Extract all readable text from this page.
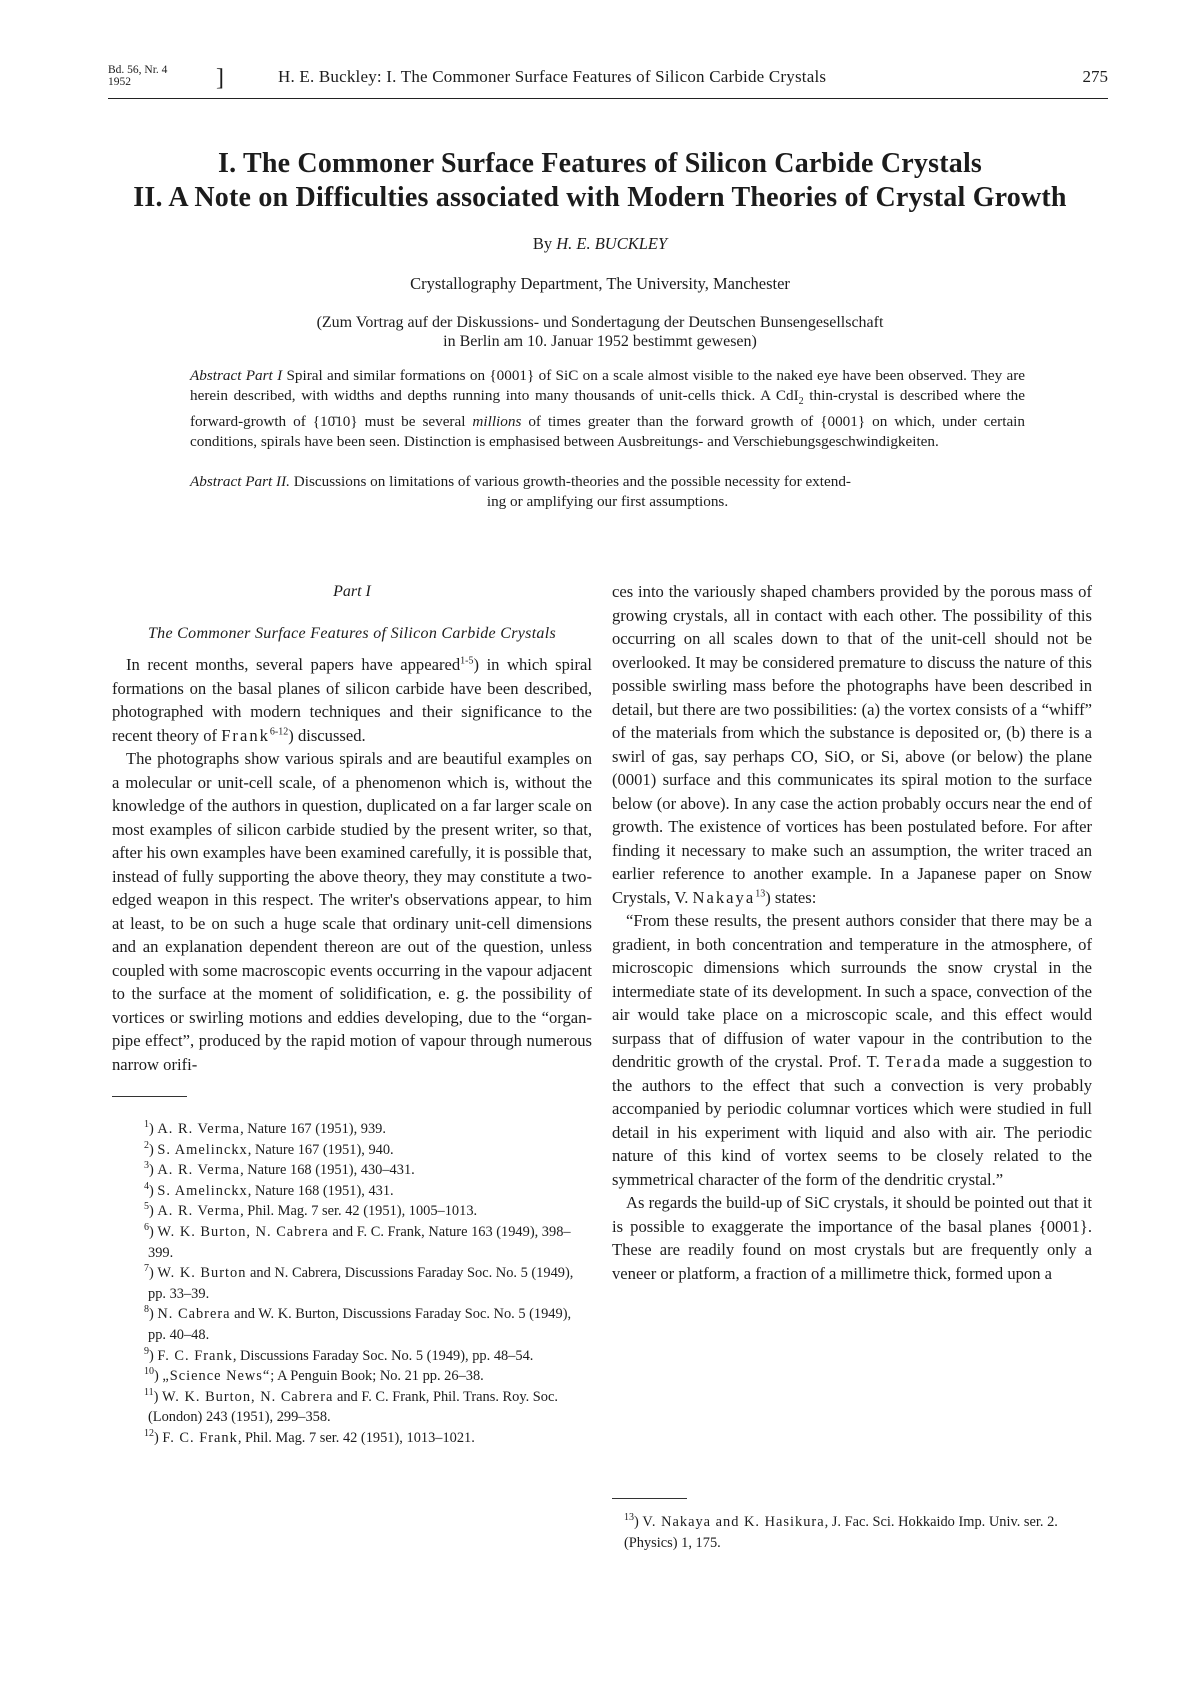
Bd. 56, Nr. 4
1952	]	H. E. Buckley: I. The Commoner Surface Features of Silicon Carbide Crystals	275
I. The Commoner Surface Features of Silicon Carbide Crystals
II. A Note on Difficulties associated with Modern Theories of Crystal Growth
By H. E. BUCKLEY
Crystallography Department, The University, Manchester
(Zum Vortrag auf der Diskussions- und Sondertagung der Deutschen Bunsengesellschaft
in Berlin am 10. Januar 1952 bestimmt gewesen)
Abstract Part I Spiral and similar formations on {0001} of SiC on a scale almost visible to the naked eye have been observed. They are herein described, with widths and depths running into many thousands of unit-cells thick. A CdI$_2$ thin-crystal is described where the forward-growth of {10̄10} must be several millions of times greater than the forward growth of {0001} on which, under certain conditions, spirals have been seen. Distinction is emphasised between Ausbreitungs- and Verschiebungsgeschwindigkeiten.
Abstract Part II. Discussions on limitations of various growth-theories and the possible necessity for extend-
ing or amplifying our first assumptions.
Part I
The Commoner Surface Features of Silicon Carbide Crystals

In recent months, several papers have appeared$^{1-5}$) in which spiral formations on the basal planes of silicon carbide have been described, photographed with modern techniques and their significance to the recent theory of Frank$^{6-12}$) discussed.

The photographs show various spirals and are beautiful examples on a molecular or unit-cell scale, of a phenomenon which is, without the knowledge of the authors in question, duplicated on a far larger scale on most examples of silicon carbide studied by the present writer, so that, after his own examples have been examined carefully, it is possible that, instead of fully supporting the above theory, they may constitute a two-edged weapon in this respect. The writer's observations appear, to him at least, to be on such a huge scale that ordinary unit-cell dimensions and an explanation dependent thereon are out of the question, unless coupled with some macroscopic events occurring in the vapour adjacent to the surface at the moment of solidification, e. g. the possibility of vortices or swirling motions and eddies developing, due to the “organ-pipe effect”, produced by the rapid motion of vapour through numerous narrow orifi-

$^1$) A. R. Verma, Nature 167 (1951), 939.
$^2$) S. Amelinckx, Nature 167 (1951), 940.
$^3$) A. R. Verma, Nature 168 (1951), 430–431.
$^4$) S. Amelinckx, Nature 168 (1951), 431.
$^5$) A. R. Verma, Phil. Mag. 7 ser. 42 (1951), 1005–1013.
$^6$) W. K. Burton, N. Cabrera and F. C. Frank, Nature 163 (1949), 398–399.
$^7$) W. K. Burton and N. Cabrera, Discussions Faraday Soc. No. 5 (1949), pp. 33–39.
$^8$) N. Cabrera and W. K. Burton, Discussions Faraday Soc. No. 5 (1949), pp. 40–48.
$^9$) F. C. Frank, Discussions Faraday Soc. No. 5 (1949), pp. 48–54.
$^{10}$) „Science News“; A Penguin Book; No. 21 pp. 26–38.
$^{11}$) W. K. Burton, N. Cabrera and F. C. Frank, Phil. Trans. Roy. Soc. (London) 243 (1951), 299–358.
$^{12}$) F. C. Frank, Phil. Mag. 7 ser. 42 (1951), 1013–1021.

ces into the variously shaped chambers provided by the porous mass of growing crystals, all in contact with each other. The possibility of this occurring on all scales down to that of the unit-cell should not be overlooked. It may be considered premature to discuss the nature of this possible swirling mass before the photographs have been described in detail, but there are two possibilities: (a) the vortex consists of a “whiff” of the materials from which the substance is deposited or, (b) there is a swirl of gas, say perhaps CO, SiO, or Si, above (or below) the plane (0001) surface and this communicates its spiral motion to the surface below (or above). In any case the action probably occurs near the end of growth. The existence of vortices has been postulated before. For after finding it necessary to make such an assumption, the writer traced an earlier reference to another example. In a Japanese paper on Snow Crystals, V. Nakaya$^{13}$) states:

“From these results, the present authors consider that there may be a gradient, in both concentration and temperature in the atmosphere, of microscopic dimensions which surrounds the snow crystal in the intermediate state of its development. In such a space, convection of the air would take place on a microscopic scale, and this effect would surpass that of diffusion of water vapour in the contribution to the dendritic growth of the crystal. Prof. T. Terada made a suggestion to the authors to the effect that such a convection is very probably accompanied by periodic columnar vortices which were studied in full detail in his experiment with liquid and also with air. The periodic nature of this kind of vortex seems to be closely related to the symmetrical character of the form of the dendritic crystal.”

As regards the build-up of SiC crystals, it should be pointed out that it is possible to exaggerate the importance of the basal planes {0001}. These are readily found on most crystals but are frequently only a veneer or platform, a fraction of a millimetre thick, formed upon a

$^{13}$) V. Nakaya and K. Hasikura, J. Fac. Sci. Hokkaido Imp. Univ. ser. 2. (Physics) 1, 175.
